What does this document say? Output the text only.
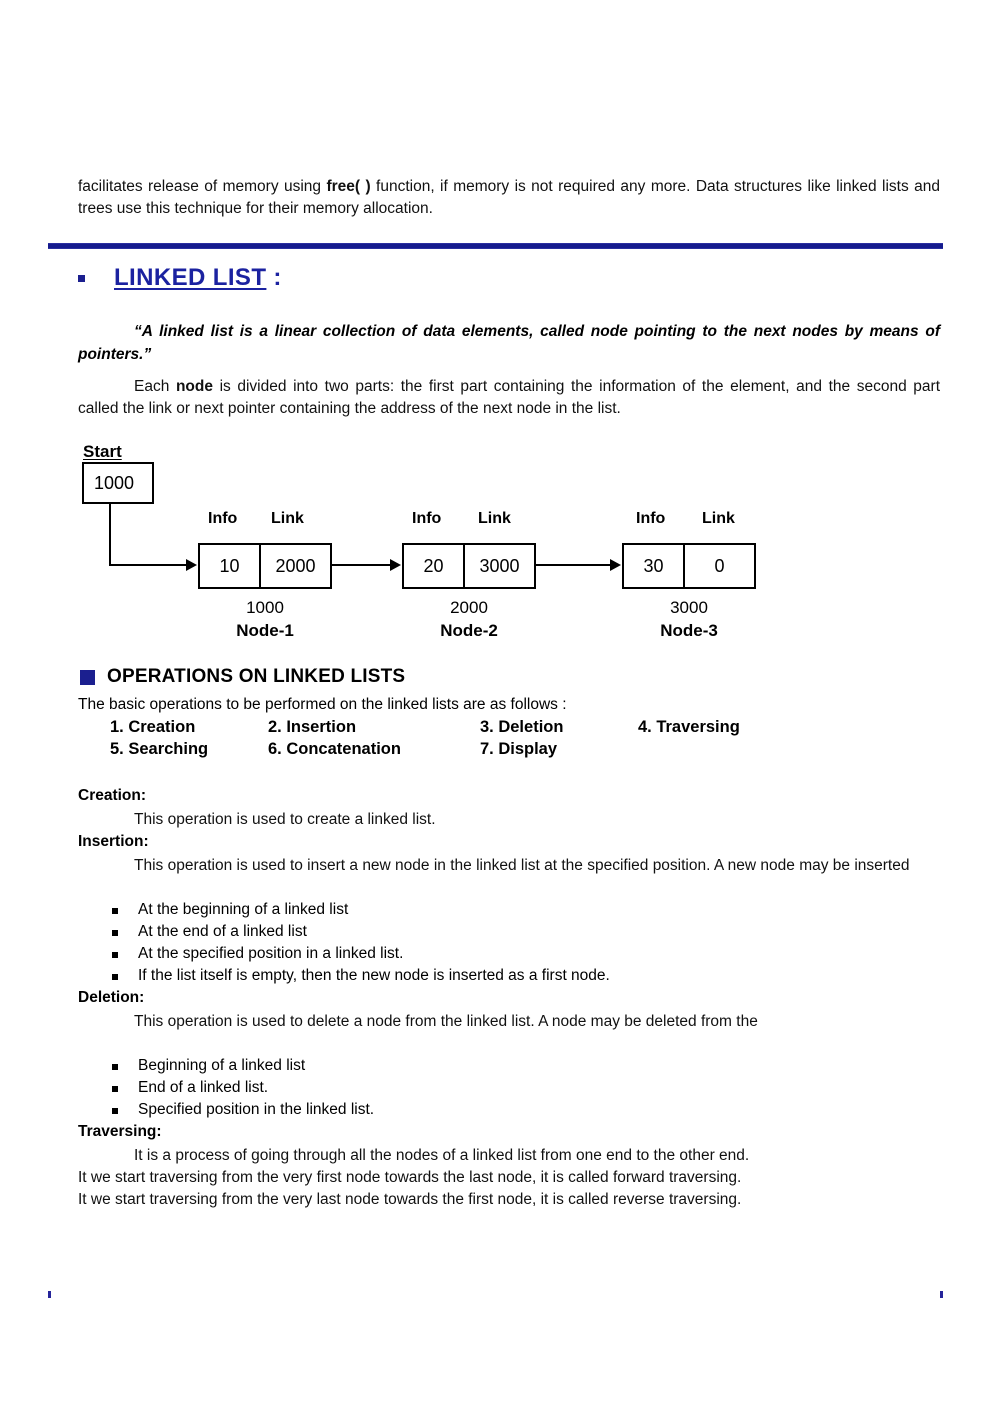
facilitates release of memory using free( ) function, if memory is not required any more. Data structures like linked lists and trees use this technique for their memory allocation.
LINKED LIST :
“A linked list is a linear collection of data elements, called node pointing to the next nodes by means of pointers.”
Each node is divided into two parts: the first part containing the information of the element, and the second part called the link or next pointer containing the address of the next node in the list.
Start
1000
Info Link
10	2000
1000
Node-1
Info Link
20	3000
2000
Node-2
Info Link
30	0
3000
Node-3
OPERATIONS ON LINKED LISTS
The basic operations to be performed on the linked lists are as follows :
1. Creation	2. Insertion	3. Deletion	4. Traversing
5. Searching	6. Concatenation	7. Display
Creation:
This operation is used to create a linked list.
Insertion:
This operation is used to insert a new node in the linked list at the specified position. A new node may be inserted
At the beginning of a linked list
At the end of a linked list
At the specified position in a linked list.
If the list itself is empty, then the new node is inserted as a first node.
Deletion:
This operation is used to delete a node from the linked list. A node may be deleted from the
Beginning of a linked list
End of a linked list.
Specified position in the linked list.
Traversing:
It is a process of going through all the nodes of a linked list from one end to the other end.
It we start traversing from the very first node towards the last node, it is called forward traversing.
It we start traversing from the very last node towards the first node, it is called reverse traversing.
